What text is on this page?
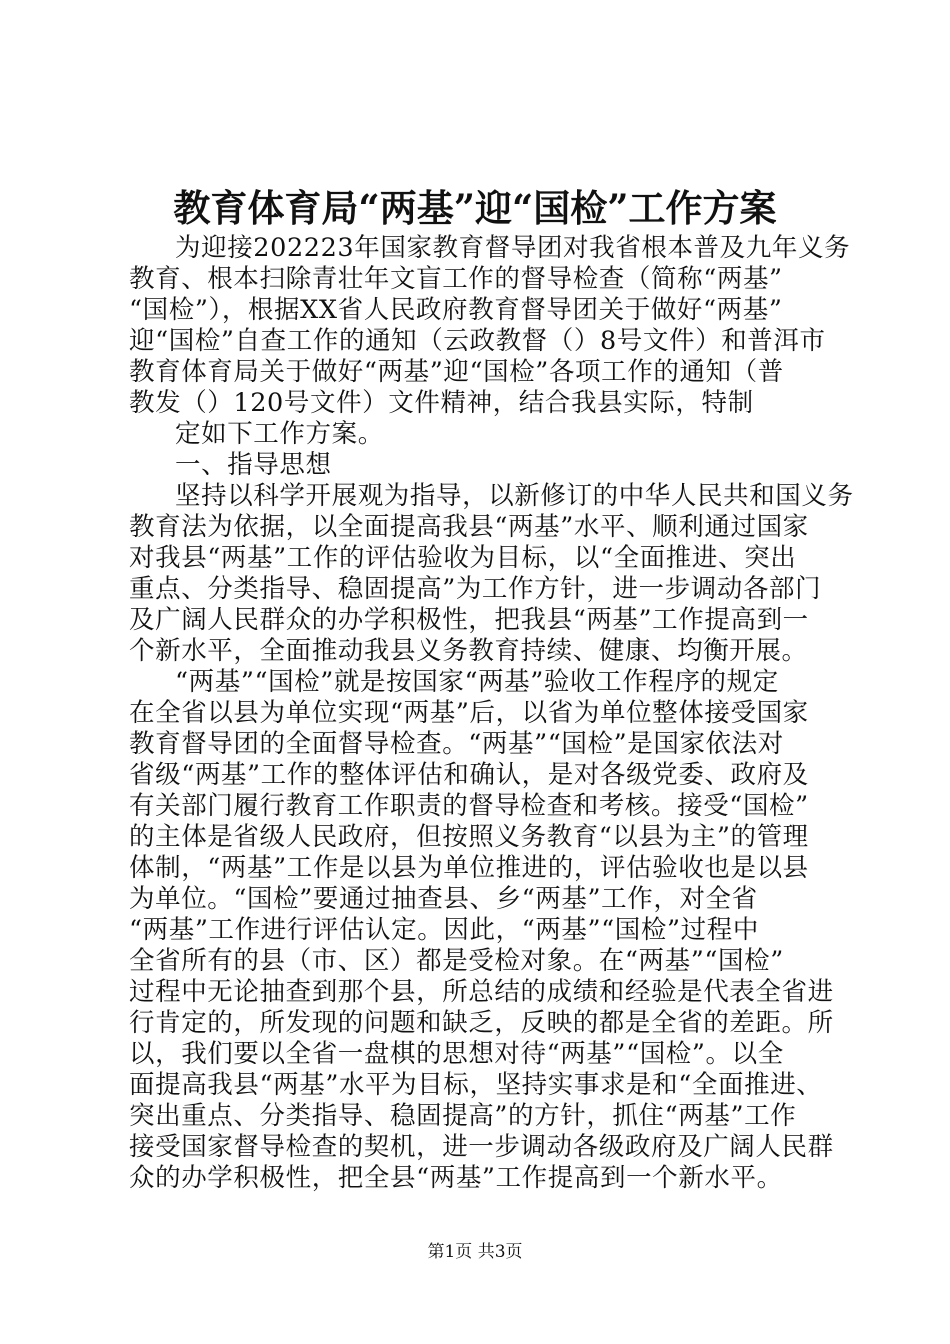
教育体育局“两基”迎“国检”工作方案
为迎接202223年国家教育督导团对我省根本普及九年义务
教育、根本扫除青壮年文盲工作的督导检查（简称“两基”
“国检”），根据XX省人民政府教育督导团关于做好“两基”
迎“国检”自查工作的通知（云政教督（）8号文件）和普洱市
教育体育局关于做好“两基”迎“国检”各项工作的通知（普
教发（）120号文件）文件精神，结合我县实际，特制
定如下工作方案。
一、指导思想
坚持以科学开展观为指导，以新修订的中华人民共和国义务
教育法为依据，以全面提高我县“两基”水平、顺利通过国家
对我县“两基”工作的评估验收为目标，以“全面推进、突出
重点、分类指导、稳固提高”为工作方针，进一步调动各部门
及广阔人民群众的办学积极性，把我县“两基”工作提高到一
个新水平，全面推动我县义务教育持续、健康、均衡开展。
“两基”“国检”就是按国家“两基”验收工作程序的规定
在全省以县为单位实现“两基”后，以省为单位整体接受国家
教育督导团的全面督导检查。“两基”“国检”是国家依法对
省级“两基”工作的整体评估和确认，是对各级党委、政府及
有关部门履行教育工作职责的督导检查和考核。接受“国检”
的主体是省级人民政府，但按照义务教育“以县为主”的管理
体制，“两基”工作是以县为单位推进的，评估验收也是以县
为单位。“国检”要通过抽查县、乡“两基”工作，对全省
“两基”工作进行评估认定。因此，“两基”“国检”过程中
全省所有的县（市、区）都是受检对象。在“两基”“国检”
过程中无论抽查到那个县，所总结的成绩和经验是代表全省进
行肯定的，所发现的问题和缺乏，反映的都是全省的差距。所
以，我们要以全省一盘棋的思想对待“两基”“国检”。以全
面提高我县“两基”水平为目标，坚持实事求是和“全面推进、
突出重点、分类指导、稳固提高”的方针，抓住“两基”工作
接受国家督导检查的契机，进一步调动各级政府及广阔人民群
众的办学积极性，把全县“两基”工作提高到一个新水平。
第1页 共3页
